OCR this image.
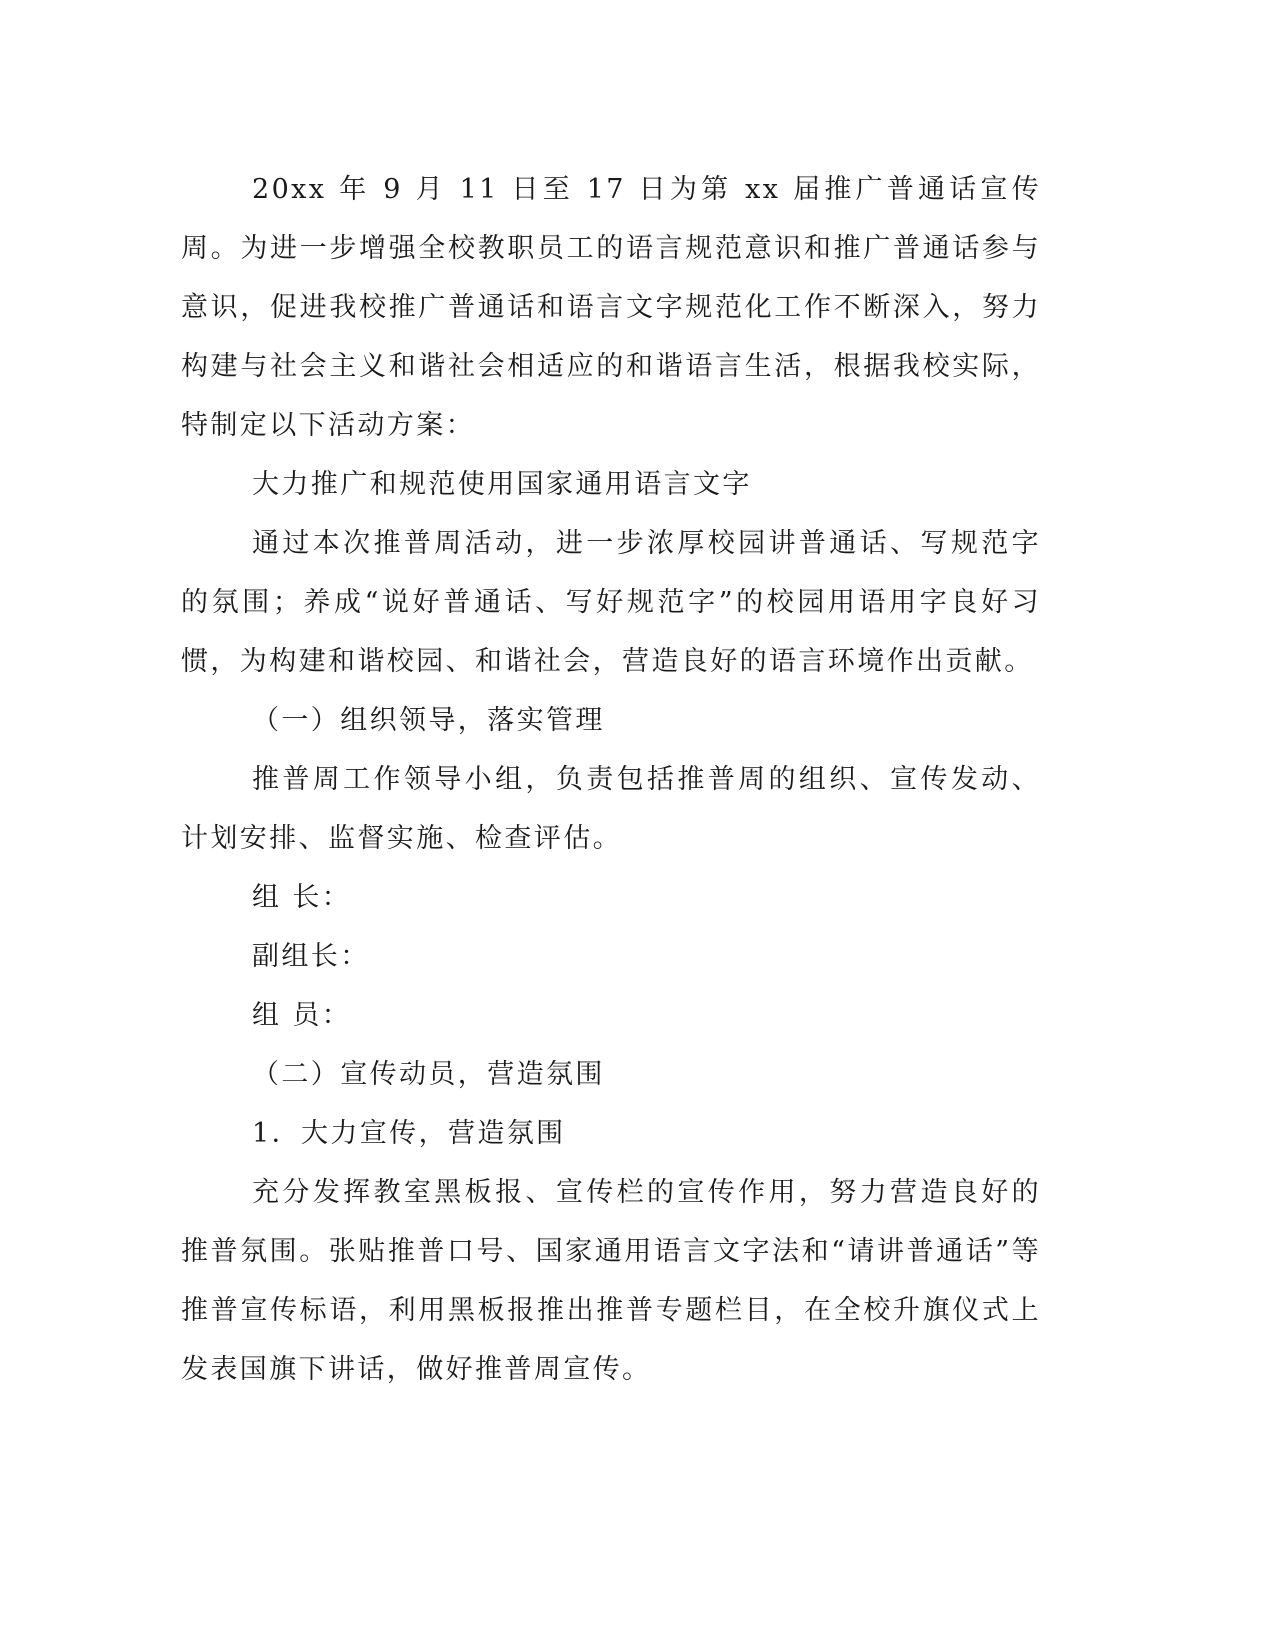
20xx 年 9 月 11 日至 17 日为第 xx 届推广普通话宣传周。为进一步增强全校教职员工的语言规范意识和推广普通话参与意识，促进我校推广普通话和语言文字规范化工作不断深入，努力构建与社会主义和谐社会相适应的和谐语言生活，根据我校实际，特制定以下活动方案：

大力推广和规范使用国家通用语言文字

通过本次推普周活动，进一步浓厚校园讲普通话、写规范字的氛围；养成“说好普通话、写好规范字”的校园用语用字良好习惯，为构建和谐校园、和谐社会，营造良好的语言环境作出贡献。

（一）组织领导，落实管理

推普周工作领导小组，负责包括推普周的组织、宣传发动、计划安排、监督实施、检查评估。

组 长：

副组长：

组 员：

（二）宣传动员，营造氛围

1．大力宣传，营造氛围

充分发挥教室黑板报、宣传栏的宣传作用，努力营造良好的推普氛围。张贴推普口号、国家通用语言文字法和“请讲普通话”等推普宣传标语，利用黑板报推出推普专题栏目，在全校升旗仪式上发表国旗下讲话，做好推普周宣传。
